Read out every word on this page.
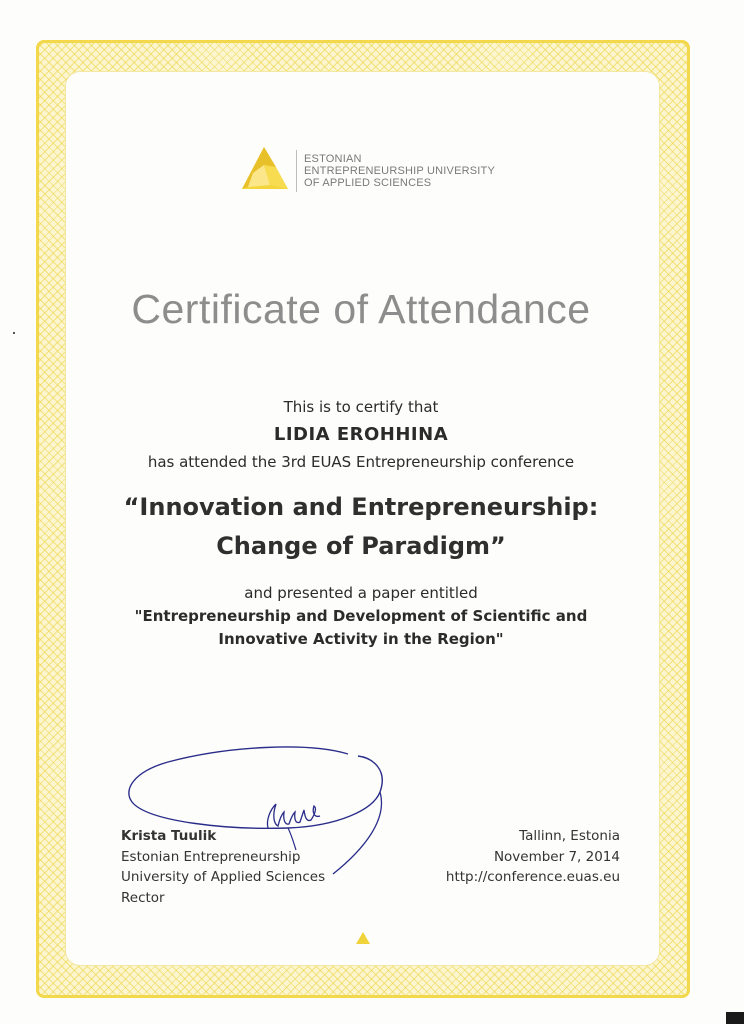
ESTONIAN
ENTREPRENEURSHIP UNIVERSITY
OF APPLIED SCIENCES
Certificate of Attendance
This is to certify that
LIDIA EROHHINA
has attended the 3rd EUAS Entrepreneurship conference
“Innovation and Entrepreneurship:
Change of Paradigm”
and presented a paper entitled
"Entrepreneurship and Development of Scientific and
Innovative Activity in the Region"
Krista Tuulik
Estonian Entrepreneurship
University of Applied Sciences
Rector
Tallinn, Estonia
November 7, 2014
http://conference.euas.eu
